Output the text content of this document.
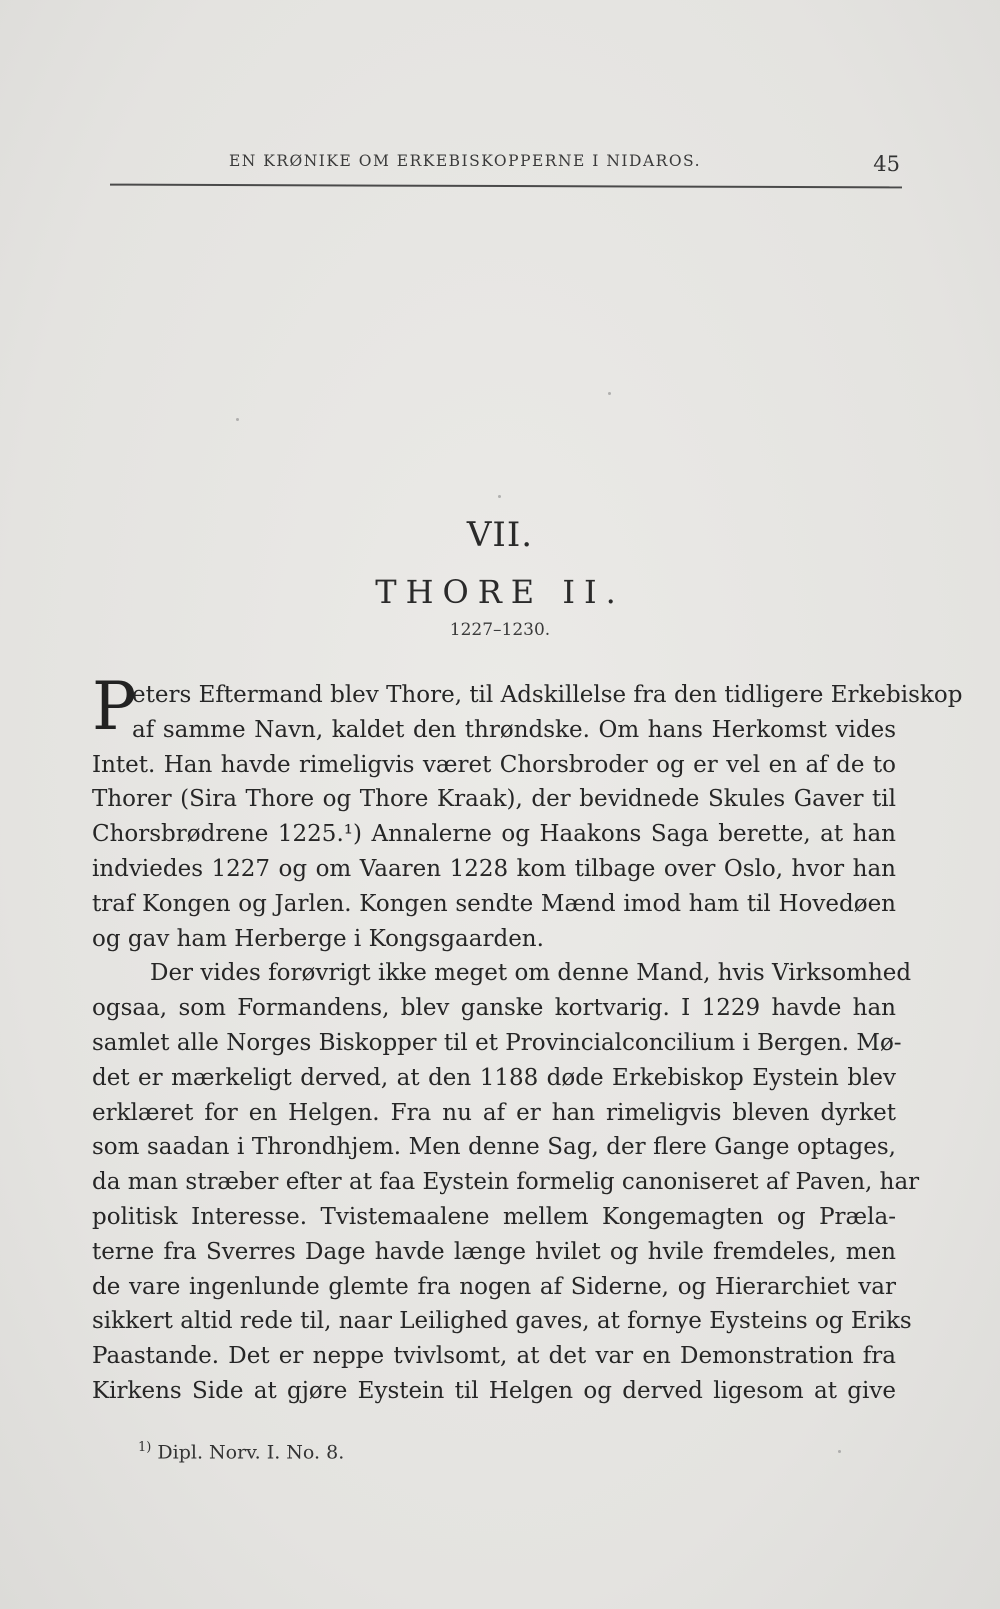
EN KRØNIKE OM ERKEBISKOPPERNE I NIDAROS.	45
VII.
THORE II.
1227–1230.
P
eters Eftermand blev Thore, til Adskillelse fra den tidligere Erkebiskop
af samme Navn, kaldet den thrøndske. Om hans Herkomst vides
Intet. Han havde rimeligvis været Chorsbroder og er vel en af de to
Thorer (Sira Thore og Thore Kraak), der bevidnede Skules Gaver til
Chorsbrødrene 1225.¹) Annalerne og Haakons Saga berette, at han
indviedes 1227 og om Vaaren 1228 kom tilbage over Oslo, hvor han
traf Kongen og Jarlen. Kongen sendte Mænd imod ham til Hovedøen
og gav ham Herberge i Kongsgaarden.
Der vides forøvrigt ikke meget om denne Mand, hvis Virksomhed
ogsaa, som Formandens, blev ganske kortvarig. I 1229 havde han
samlet alle Norges Biskopper til et Provincialconcilium i Bergen. Mø-
det er mærkeligt derved, at den 1188 døde Erkebiskop Eystein blev
erklæret for en Helgen. Fra nu af er han rimeligvis bleven dyrket
som saadan i Throndhjem. Men denne Sag, der flere Gange optages,
da man stræber efter at faa Eystein formelig canoniseret af Paven, har
politisk Interesse. Tvistemaalene mellem Kongemagten og Præla-
terne fra Sverres Dage havde længe hvilet og hvile fremdeles, men
de vare ingenlunde glemte fra nogen af Siderne, og Hierarchiet var
sikkert altid rede til, naar Leilighed gaves, at fornye Eysteins og Eriks
Paastande. Det er neppe tvivlsomt, at det var en Demonstration fra
Kirkens Side at gjøre Eystein til Helgen og derved ligesom at give
$^{1)}$ Dipl. Norv. I. No. 8.
